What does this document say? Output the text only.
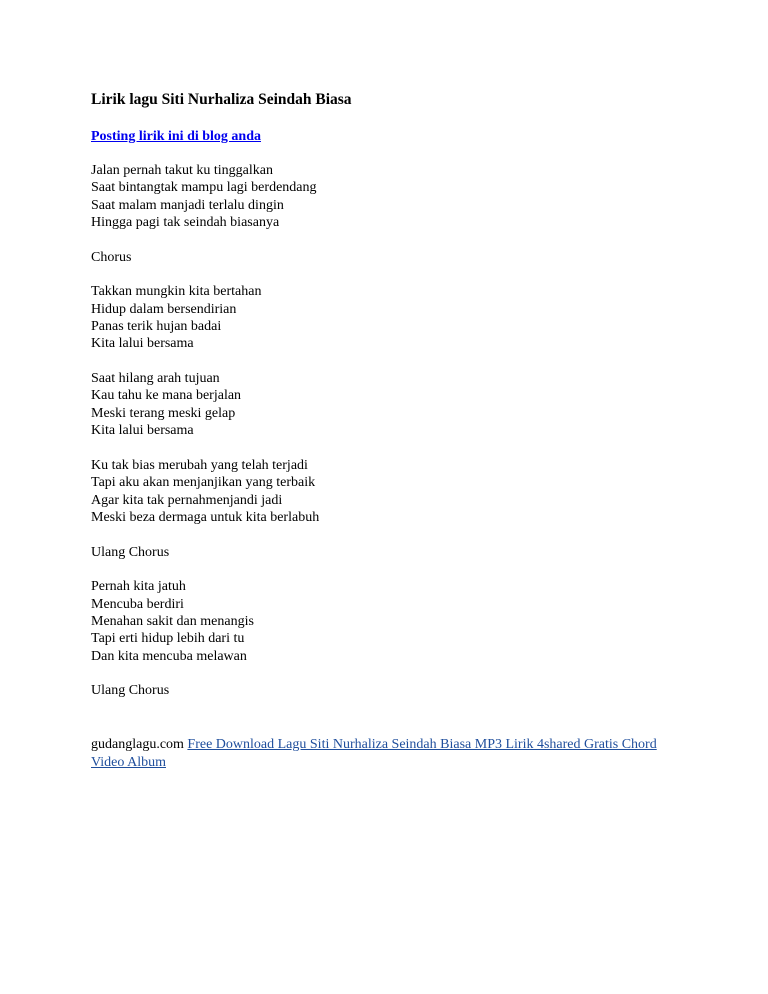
Lirik lagu Siti Nurhaliza Seindah Biasa
Posting lirik ini di blog anda
Jalan pernah takut ku tinggalkan
Saat bintangtak mampu lagi berdendang
Saat malam manjadi terlalu dingin
Hingga pagi tak seindah biasanya
Chorus
Takkan mungkin kita bertahan
Hidup dalam bersendirian
Panas terik hujan badai
Kita lalui bersama
Saat hilang arah tujuan
Kau tahu ke mana berjalan
Meski terang meski gelap
Kita lalui bersama
Ku tak bias merubah yang telah terjadi
Tapi aku akan menjanjikan yang terbaik
Agar kita tak pernahmenjandi jadi
Meski beza dermaga untuk kita berlabuh
Ulang Chorus
Pernah kita jatuh
Mencuba berdiri
Menahan sakit dan menangis
Tapi erti hidup lebih dari tu
Dan kita mencuba melawan
Ulang Chorus
gudanglagu.com Free Download Lagu Siti Nurhaliza Seindah Biasa MP3 Lirik 4shared Gratis Chord Video Album
